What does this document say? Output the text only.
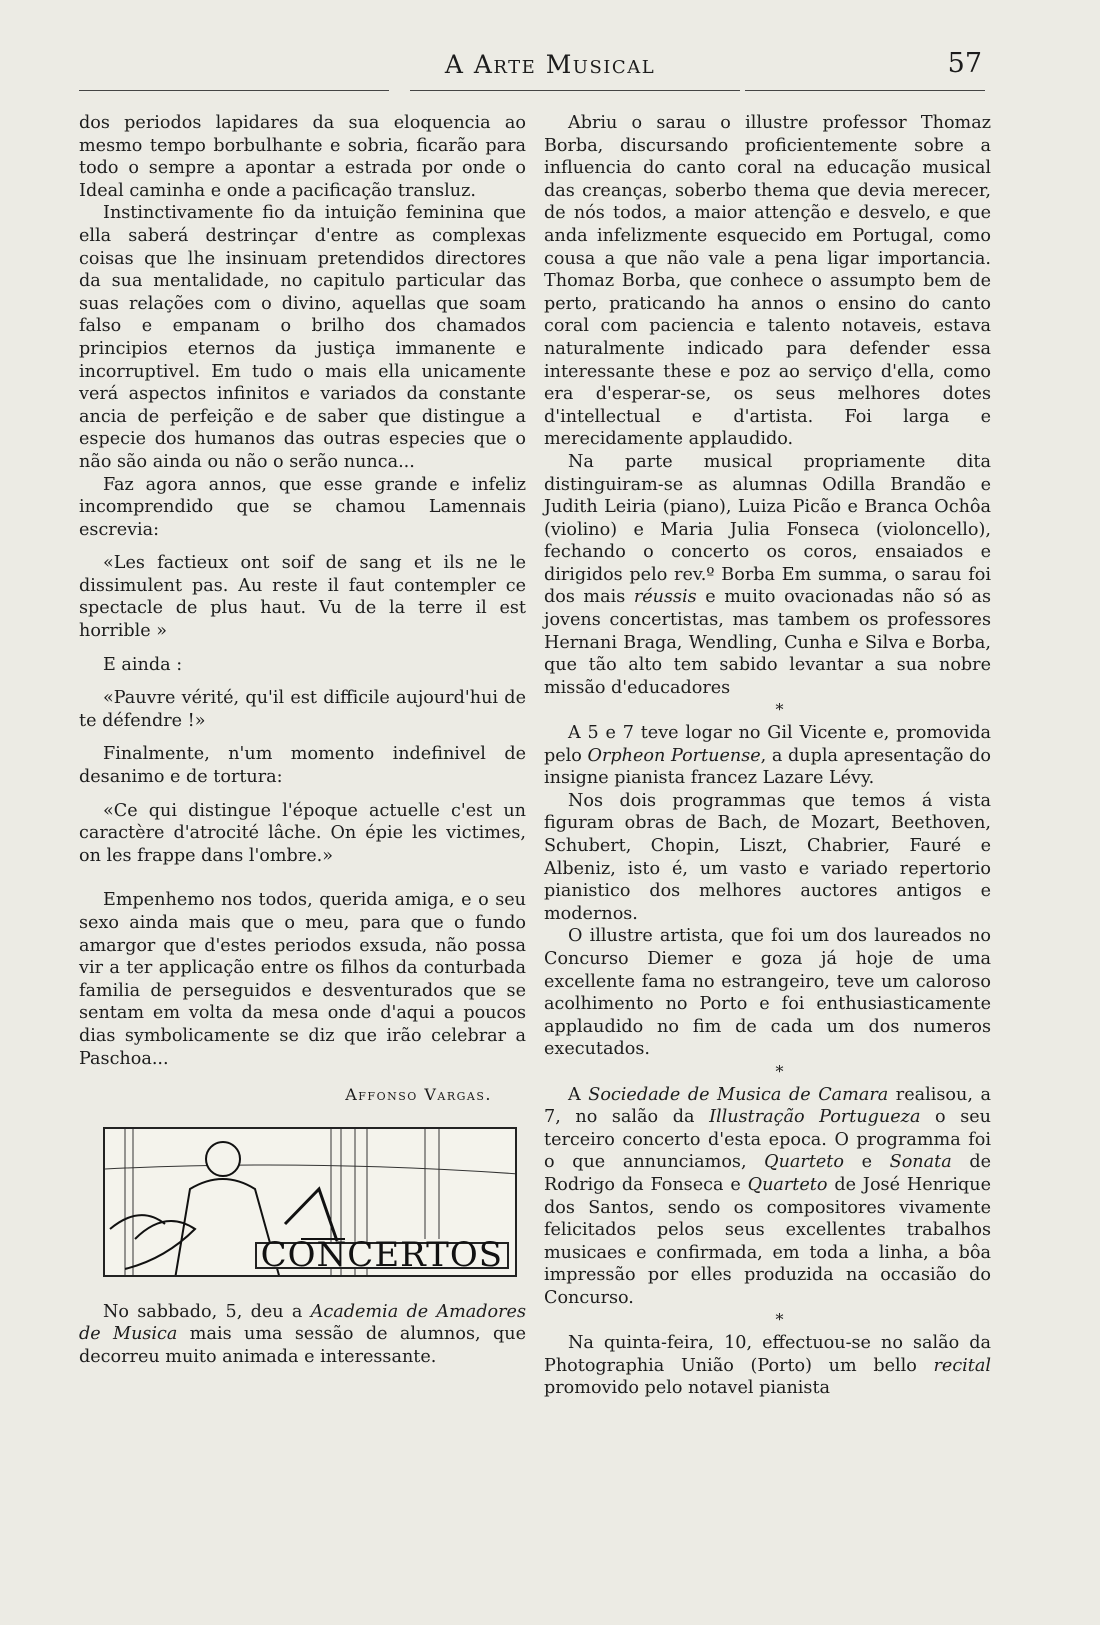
A Arte Musical	57

dos periodos lapidares da sua eloquencia ao mesmo tempo borbulhante e sobria, ficarão para todo o sempre a apontar a estrada por onde o Ideal caminha e onde a pacificação transluz.

Instinctivamente fio da intuição feminina que ella saberá destrinçar d'entre as complexas coisas que lhe insinuam pretendidos directores da sua mentalidade, no capitulo particular das suas relações com o divino, aquellas que soam falso e empanam o brilho dos chamados principios eternos da justiça immanente e incorruptivel. Em tudo o mais ella unicamente verá aspectos infinitos e variados da constante ancia de perfeição e de saber que distingue a especie dos humanos das outras especies que o não são ainda ou não o serão nunca...

Faz agora annos, que esse grande e infeliz incomprendido que se chamou Lamennais escrevia:

«Les factieux ont soif de sang et ils ne le dissimulent pas. Au reste il faut contempler ce spectacle de plus haut. Vu de la terre il est horrible »

E ainda :

«Pauvre vérité, qu'il est difficile aujourd'hui de te défendre !»

Finalmente, n'um momento indefinivel de desanimo e de tortura:

«Ce qui distingue l'époque actuelle c'est un caractère d'atrocité lâche. On épie les victimes, on les frappe dans l'ombre.»

Empenhemo nos todos, querida amiga, e o seu sexo ainda mais que o meu, para que o fundo amargor que d'estes periodos exsuda, não possa vir a ter applicação entre os filhos da conturbada familia de perseguidos e desventurados que se sentam em volta da mesa onde d'aqui a poucos dias symbolicamente se diz que irão celebrar a Paschoa...

Affonso Vargas.
CONCERTOS

No sabbado, 5, deu a Academia de Amadores de Musica mais uma sessão de alumnos, que decorreu muito animada e interessante.

Abriu o sarau o illustre professor Thomaz Borba, discursando proficientemente sobre a influencia do canto coral na educação musical das creanças, soberbo thema que devia merecer, de nós todos, a maior attenção e desvelo, e que anda infelizmente esquecido em Portugal, como cousa a que não vale a pena ligar importancia. Thomaz Borba, que conhece o assumpto bem de perto, praticando ha annos o ensino do canto coral com paciencia e talento notaveis, estava naturalmente indicado para defender essa interessante these e poz ao serviço d'ella, como era d'esperar-se, os seus melhores dotes d'intellectual e d'artista. Foi larga e merecidamente applaudido.

Na parte musical propriamente dita distinguiram-se as alumnas Odilla Brandão e Judith Leiria (piano), Luiza Picão e Branca Ochôa (violino) e Maria Julia Fonseca (violoncello), fechando o concerto os coros, ensaiados e dirigidos pelo rev.º Borba Em summa, o sarau foi dos mais réussis e muito ovacionadas não só as jovens concertistas, mas tambem os professores Hernani Braga, Wendling, Cunha e Silva e Borba, que tão alto tem sabido levantar a sua nobre missão d'educadores

*

A 5 e 7 teve logar no Gil Vicente e, promovida pelo Orpheon Portuense, a dupla apresentação do insigne pianista francez Lazare Lévy.

Nos dois programmas que temos á vista figuram obras de Bach, de Mozart, Beethoven, Schubert, Chopin, Liszt, Chabrier, Fauré e Albeniz, isto é, um vasto e variado repertorio pianistico dos melhores auctores antigos e modernos.

O illustre artista, que foi um dos laureados no Concurso Diemer e goza já hoje de uma excellente fama no estrangeiro, teve um caloroso acolhimento no Porto e foi enthusiasticamente applaudido no fim de cada um dos numeros executados.

*

A Sociedade de Musica de Camara realisou, a 7, no salão da Illustração Portugueza o seu terceiro concerto d'esta epoca. O programma foi o que annunciamos, Quarteto e Sonata de Rodrigo da Fonseca e Quarteto de José Henrique dos Santos, sendo os compositores vivamente felicitados pelos seus excellentes trabalhos musicaes e confirmada, em toda a linha, a bôa impressão por elles produzida na occasião do Concurso.

*

Na quinta-feira, 10, effectuou-se no salão da Photographia União (Porto) um bello recital promovido pelo notavel pianista
